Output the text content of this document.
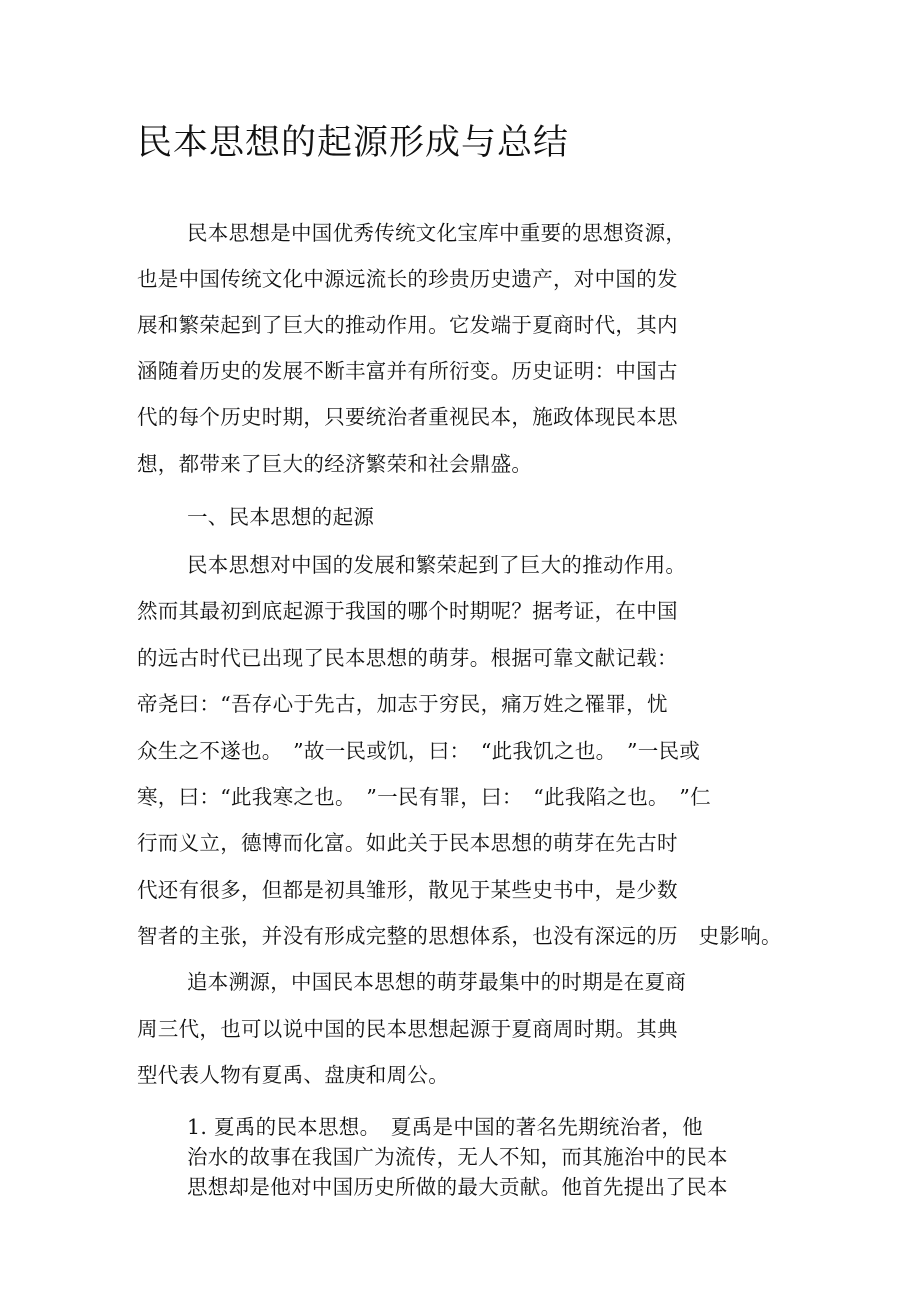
民本思想的起源形成与总结
民本思想是中国优秀传统文化宝库中重要的思想资源，
也是中国传统文化中源远流长的珍贵历史遗产，对中国的发
展和繁荣起到了巨大的推动作用。它发端于夏商时代，其内
涵随着历史的发展不断丰富并有所衍变。历史证明：中国古
代的每个历史时期，只要统治者重视民本，施政体现民本思
想，都带来了巨大的经济繁荣和社会鼎盛。
一、民本思想的起源
民本思想对中国的发展和繁荣起到了巨大的推动作用。
然而其最初到底起源于我国的哪个时期呢？据考证，在中国
的远古时代已出现了民本思想的萌芽。根据可靠文献记载：
帝尧曰：“吾存心于先古，加志于穷民，痛万姓之罹罪，忧
众生之不遂也。　”故一民或饥，曰：　“此我饥之也。　”一民或
寒，曰：“此我寒之也。　”一民有罪，曰：　“此我陷之也。　”仁
行而义立，德博而化富。如此关于民本思想的萌芽在先古时
代还有很多，但都是初具雏形，散见于某些史书中，是少数
智者的主张，并没有形成完整的思想体系，也没有深远的历　史影响。
追本溯源，中国民本思想的萌芽最集中的时期是在夏商
周三代，也可以说中国的民本思想起源于夏商周时期。其典
型代表人物有夏禹、盘庚和周公。
1. 夏禹的民本思想。　夏禹是中国的著名先期统治者，他
治水的故事在我国广为流传，无人不知，而其施治中的民本
思想却是他对中国历史所做的最大贡献。他首先提出了民本
